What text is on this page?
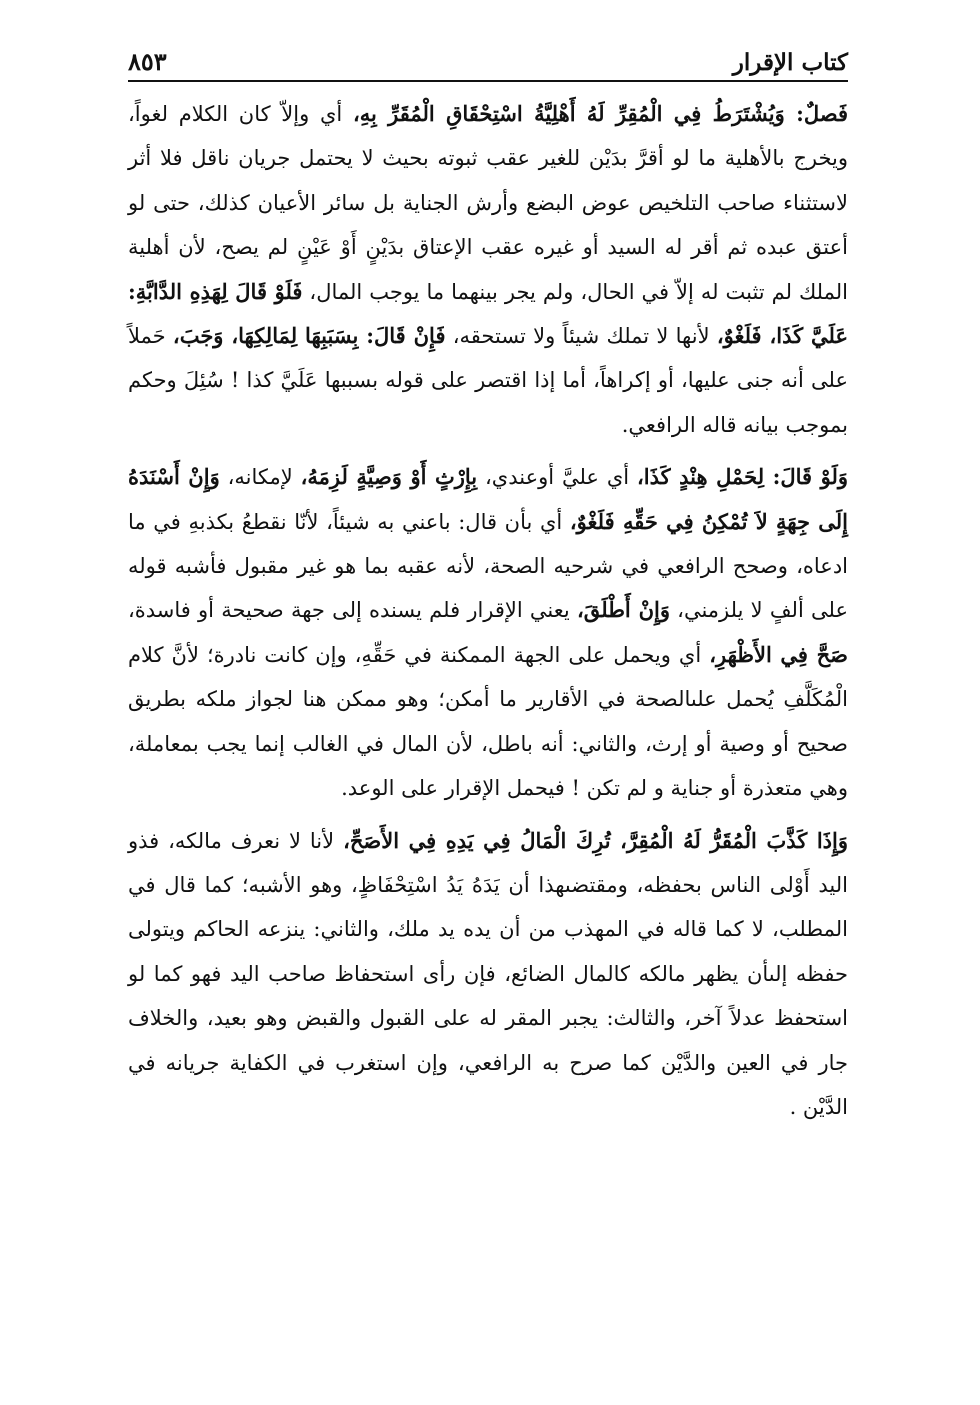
كتاب الإقرار
٨٥٣

فَصلٌ: وَيُشْتَرَطُ فِي الْمُقِرِّ لَهُ أَهْلِيَّةُ اسْتِحْقَاقِ الْمُقَرِّ بِهِ، أي وإلاّ كان الكلام لغواً، ويخرج بالأهلية ما لو أقرَّ بدَيْن للغير عقب ثبوته بحيث لا يحتمل جريان ناقل فلا أثر لاستثناء صاحب التلخيص عوض البضع وأرش الجناية بل سائر الأعيان كذلك، حتى لو أعتق عبده ثم أقر له السيد أو غيره عقب الإعتاق بدَيْنٍ أَوْ عَيْنٍ لم يصح، لأن أهلية الملك لم تثبت له إلاّ في الحال، ولم يجر بينهما ما يوجب المال، فَلَوْ قَالَ لِهَذِهِ الدَّابَّةِ: عَلَيَّ كَذَا، فَلَغْوٌ، لأنها لا تملك شيئاً ولا تستحقه، فَإِنْ قَالَ: بِسَبَبِهَا لِمَالِكِهَا، وَجَبَ، حَملاً على أنه جنى عليها، أو إكراهاً، أما إذا اقتصر على قوله بسببها عَلَيَّ كذا ! سُئِلَ وحكم بموجب بيانه قاله الرافعي.

وَلَوْ قَالَ: لِحَمْلِ هِنْدٍ كَذَا، أي عليَّ أوعندي، بِإِرْثٍ أَوْ وَصِيَّةٍ لَزِمَهُ، لإمكانه، وَإِنْ أَسْنَدَهُ إِلَى جِهَةٍ لاَ تُمْكِنُ فِي حَقِّهِ فَلَغْوٌ، أي بأن قال: باعني به شيئاً، لأنّا نقطعُ بكذبهِ في ما ادعاه، وصحح الرافعي في شرحيه الصحة، لأنه عقبه بما هو غير مقبول فأشبه قوله على ألفٍ لا يلزمني، وَإِنْ أَطْلَقَ، يعني الإقرار فلم يسنده إلى جهة صحيحة أو فاسدة، صَحَّ فِي الأَظْهَرِ، أي ويحمل على الجهة الممكنة في حَقِّهِ، وإن كانت نادرة؛ لأنَّ كلام الْمُكَلَّفِ يُحمل علىالصحة في الأقارير ما أمكن؛ وهو ممكن هنا لجواز ملكه بطريق صحيح أو وصية أو إرث، والثاني: أنه باطل، لأن المال في الغالب إنما يجب بمعاملة، وهي متعذرة أو جناية و لم تكن ! فيحمل الإقرار على الوعد.

وَإِذَا كَذَّبَ الْمُقَرُّ لَهُ الْمُقِرَّ، تُرِكَ الْمَالُ فِي يَدِهِ فِي الأَصَحِّ، لأنا لا نعرف مالكه، فذو اليد أَوْلى الناس بحفظه، ومقتضىهذا أن يَدَهُ يَدُ اسْتِحْفَاظٍ، وهو الأشبه؛ كما قال في المطلب، لا كما قاله في المهذب من أن يده يد ملك، والثاني: ينزعه الحاكم ويتولى حفظه إلىأن يظهر مالكه كالمال الضائع، فإن رأى استحفاظ صاحب اليد فهو كما لو استحفظ عدلاً آخر، والثالث: يجبر المقر له على القبول والقبض وهو بعيد، والخلاف جار في العين والدَّيْن كما صرح به الرافعي، وإن استغرب في الكفاية جريانه في الدَّيْن .
